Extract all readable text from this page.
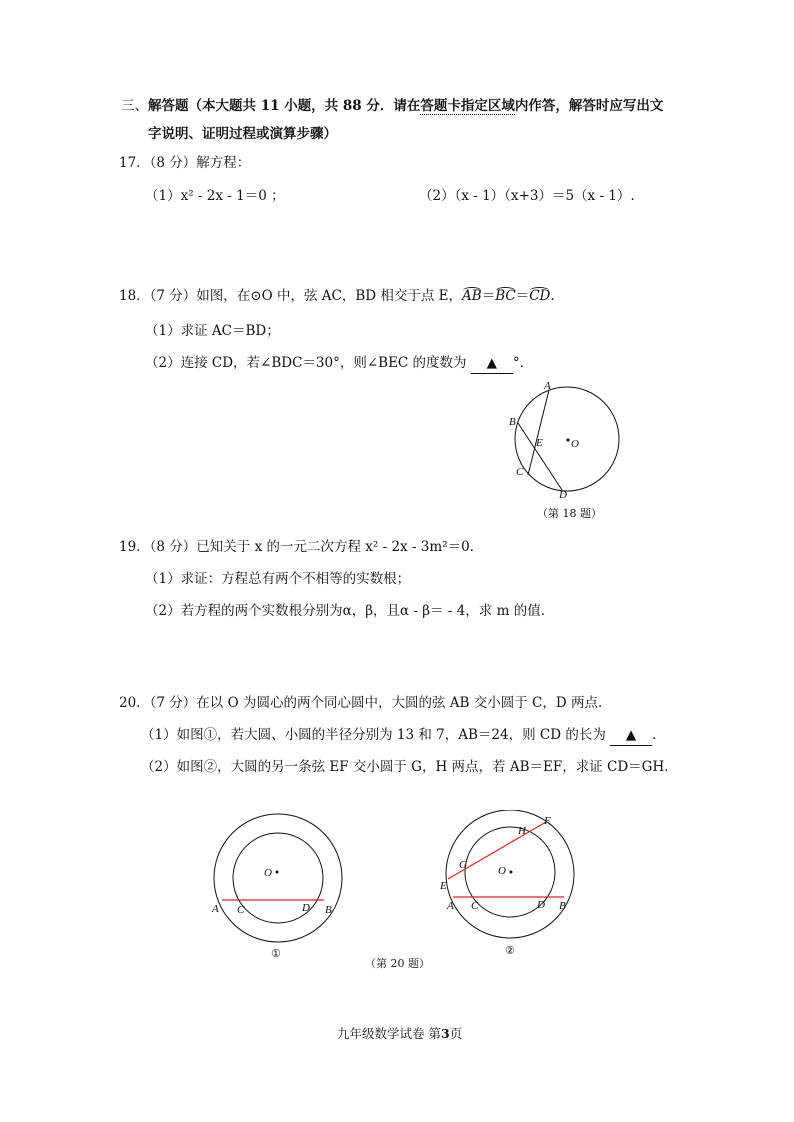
三、解答题（本大题共 11 小题，共 88 分．请在答题卡指定区域内作答，解答时应写出文
字说明、证明过程或演算步骤）
17．（8 分）解方程：
（1）x² - 2x - 1＝0 ；	（2）（x - 1）（x+3）＝5（x - 1）.
18．（7 分）如图，在⊙O 中，弦 AC，BD 相交于点 E，AB＝BC＝CD.
（1）求证 AC＝BD；
（2）连接 CD，若∠BDC＝30°，则∠BEC 的度数为 ▲ °．
A
B
E	O
C
D
（第 18 题）
19．（8 分）已知关于 x 的一元二次方程 x² - 2x - 3m²＝0．
（1）求证：方程总有两个不相等的实数根；
（2）若方程的两个实数根分别为α，β，且α - β＝ - 4，求 m 的值．
20．（7 分）在以 O 为圆心的两个同心圆中，大圆的弦 AB 交小圆于 C，D 两点．
（1）如图①，若大圆、小圆的半径分别为 13 和 7，AB＝24，则 CD 的长为 ▲ ．
（2）如图②，大圆的另一条弦 EF 交小圆于 G，H 两点，若 AB＝EF，求证 CD＝GH．
O
A C	D B
①
O
F
H
G
E
A C	D B
②
（第 20 题）
九年级数学试卷 第3页
